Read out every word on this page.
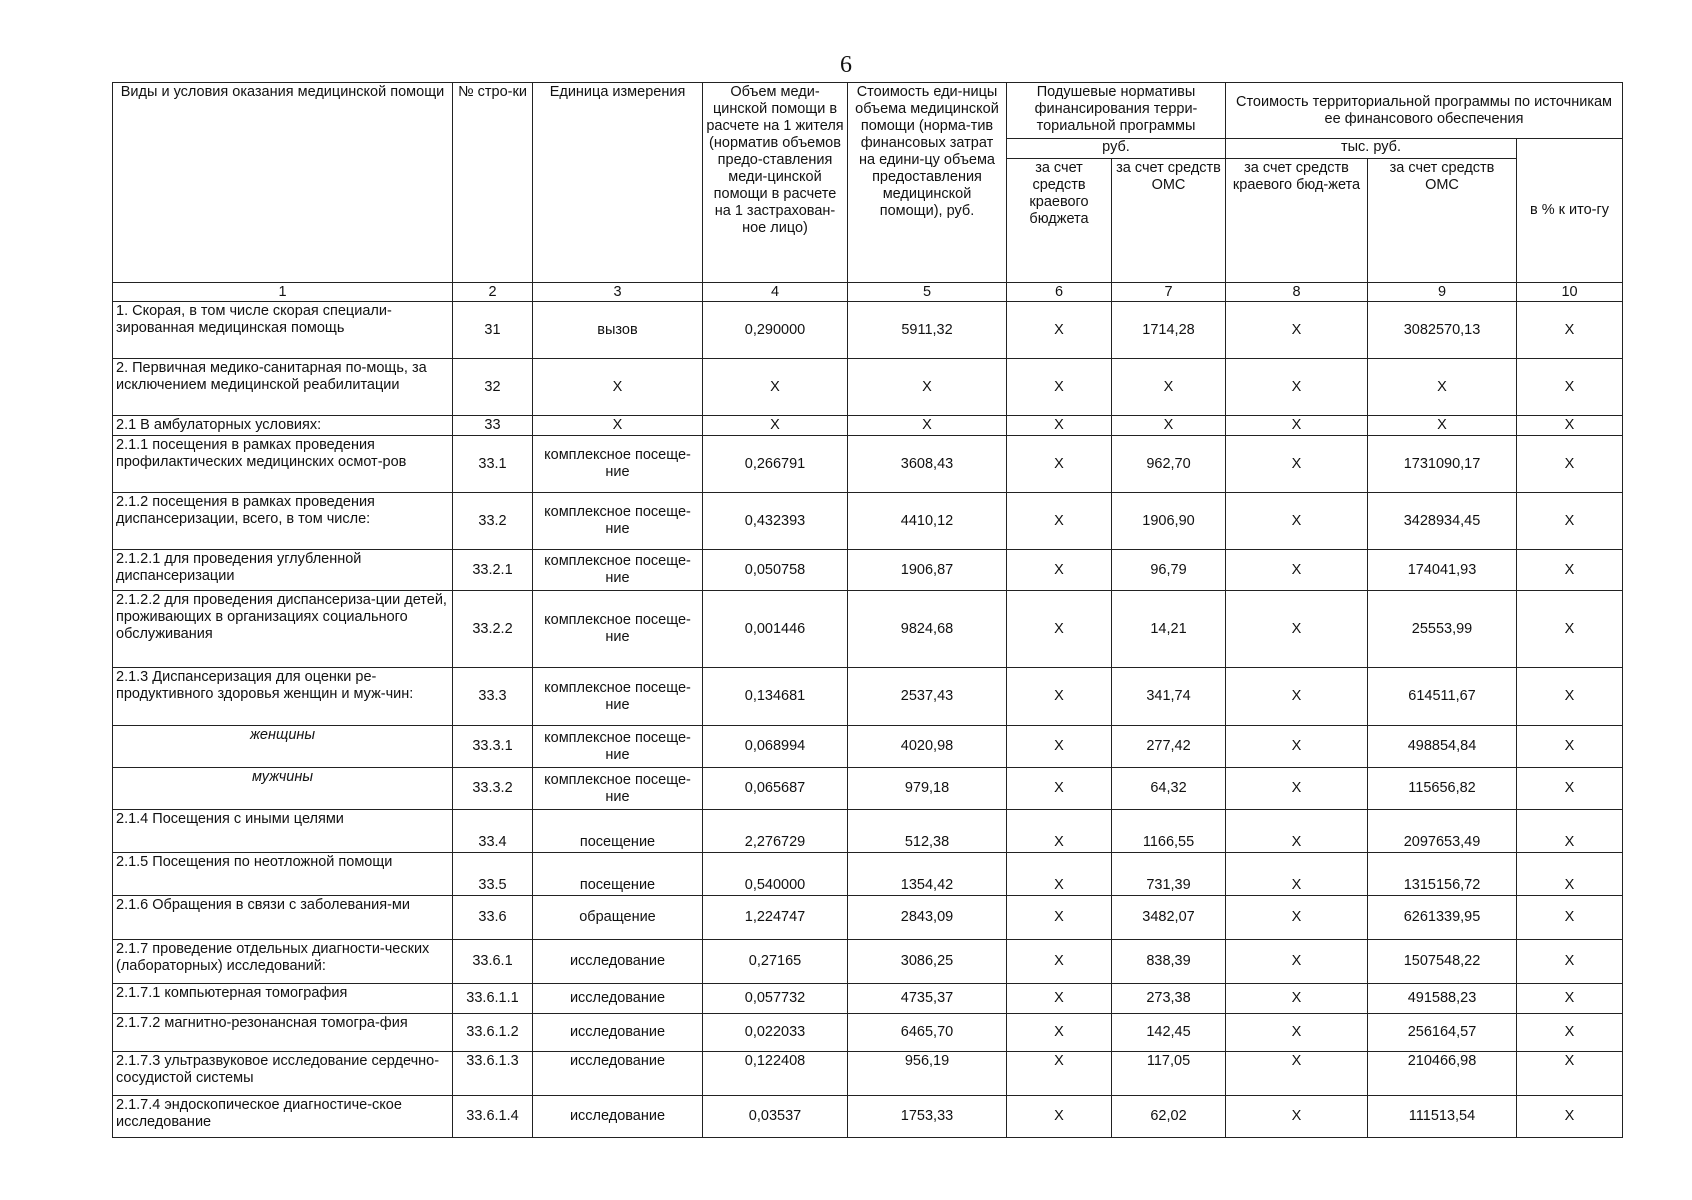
6
Виды и условия оказания медицинской помощи	№ стро-ки	Единица измерения	Объем меди-цинской помощи в расчете на 1 жителя (норматив объемов предо-ставления меди-цинской помощи в расчете на 1 застрахован-ное лицо)	Стоимость еди-ницы объема медицинской помощи (норма-тив финансовых затрат на едини-цу объема предоставления медицинской помощи), руб.	Подушевые нормативы финансирования терри-ториальной программы		Стоимость территориальной программы по источникам ее финансового обеспечения		
					руб.		тыс. руб.		в % к ито-гу
					за счет средств краевого бюджета	за счет средств ОМС	за счет средств краевого бюд-жета	за счет средств ОМС	
1	2	3	4	5	6	7	8	9	10
1. Скорая, в том числе скорая специали-зированная медицинская помощь	31	вызов	0,290000	5911,32	Х	1714,28	Х	3082570,13	Х
2. Первичная медико-санитарная по-мощь, за исключением медицинской реабилитации	32	Х	Х	Х	Х	Х	Х	Х	Х
2.1 В амбулаторных условиях:	33	Х	Х	Х	Х	Х	Х	Х	Х
2.1.1 посещения в рамках проведения профилактических медицинских осмот-ров	33.1	комплексное посеще-ние	0,266791	3608,43	Х	962,70	Х	1731090,17	Х
2.1.2 посещения в рамках проведения диспансеризации, всего, в том числе:	33.2	комплексное посеще-ние	0,432393	4410,12	Х	1906,90	Х	3428934,45	Х
2.1.2.1 для проведения углубленной диспансеризации	33.2.1	комплексное посеще-ние	0,050758	1906,87	Х	96,79	Х	174041,93	Х
2.1.2.2 для проведения диспансериза-ции детей, проживающих в организациях социального обслуживания	33.2.2	комплексное посеще-ние	0,001446	9824,68	Х	14,21	Х	25553,99	Х
2.1.3 Диспансеризация для оценки ре-продуктивного здоровья женщин и муж-чин:	33.3	комплексное посеще-ние	0,134681	2537,43	Х	341,74	Х	614511,67	Х
женщины	33.3.1	комплексное посеще-ние	0,068994	4020,98	Х	277,42	Х	498854,84	Х
мужчины	33.3.2	комплексное посеще-ние	0,065687	979,18	Х	64,32	Х	115656,82	Х
2.1.4 Посещения с иными целями	33.4	посещение	2,276729	512,38	Х	1166,55	Х	2097653,49	Х
2.1.5 Посещения по неотложной помощи	33.5	посещение	0,540000	1354,42	Х	731,39	Х	1315156,72	Х
2.1.6 Обращения в связи с заболевания-ми	33.6	обращение	1,224747	2843,09	Х	3482,07	Х	6261339,95	Х
2.1.7 проведение отдельных диагности-ческих (лабораторных) исследований:	33.6.1	исследование	0,27165	3086,25	Х	838,39	Х	1507548,22	Х
2.1.7.1 компьютерная томография	33.6.1.1	исследование	0,057732	4735,37	Х	273,38	Х	491588,23	Х
2.1.7.2 магнитно-резонансная томогра-фия	33.6.1.2	исследование	0,022033	6465,70	Х	142,45	Х	256164,57	Х
2.1.7.3 ультразвуковое исследование сердечно-сосудистой системы	33.6.1.3	исследование	0,122408	956,19	Х	117,05	Х	210466,98	Х
2.1.7.4 эндоскопическое диагностиче-ское исследование	33.6.1.4	исследование	0,03537	1753,33	Х	62,02	Х	111513,54	Х
